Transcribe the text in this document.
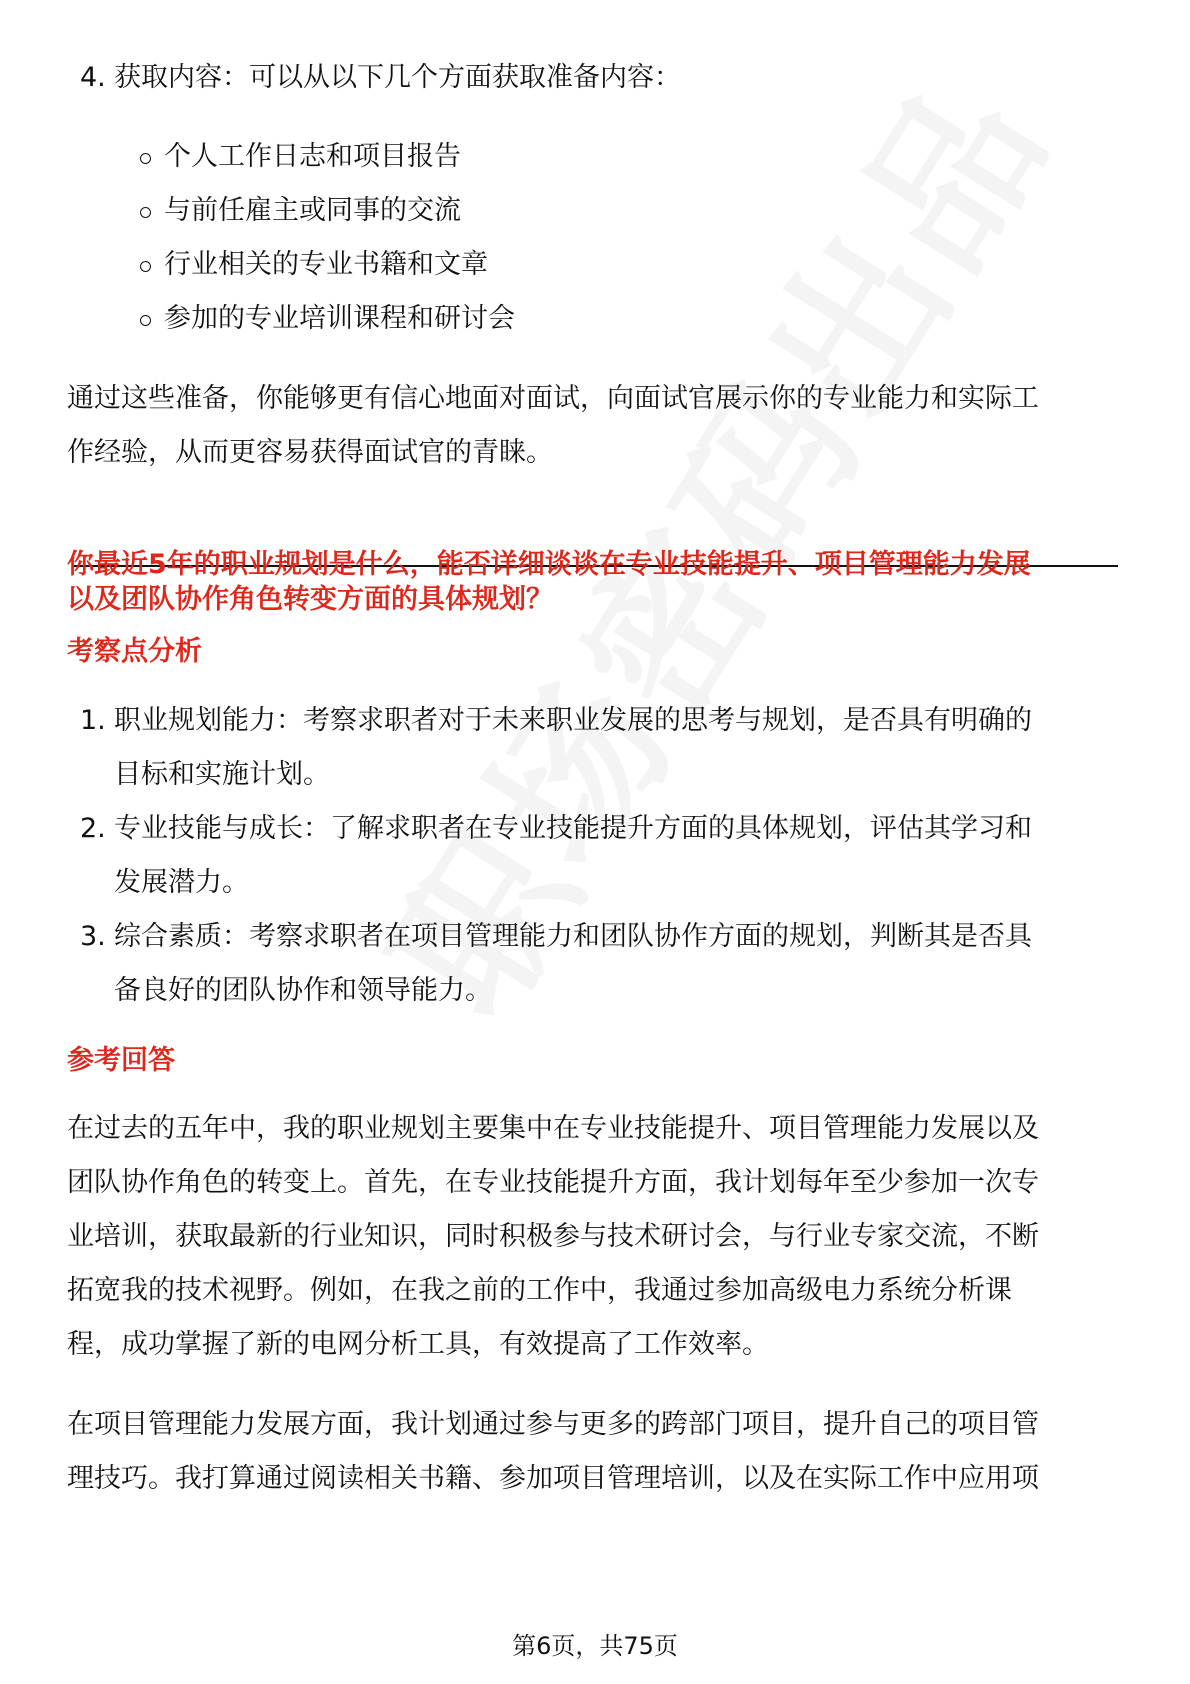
4. 获取内容：可以从以下几个方面获取准备内容：
个人工作日志和项目报告
与前任雇主或同事的交流
行业相关的专业书籍和文章
参加的专业培训课程和研讨会
通过这些准备，你能够更有信心地面对面试，向面试官展示你的专业能力和实际工
作经验，从而更容易获得面试官的青睐。
你最近5年的职业规划是什么，能否详细谈谈在专业技能提升、项目管理能力发展
以及团队协作角色转变方面的具体规划？
考察点分析
1. 职业规划能力：考察求职者对于未来职业发展的思考与规划，是否具有明确的
目标和实施计划。
2. 专业技能与成长：了解求职者在专业技能提升方面的具体规划，评估其学习和
发展潜力。
3. 综合素质：考察求职者在项目管理能力和团队协作方面的规划，判断其是否具
备良好的团队协作和领导能力。
参考回答
在过去的五年中，我的职业规划主要集中在专业技能提升、项目管理能力发展以及
团队协作角色的转变上。首先，在专业技能提升方面，我计划每年至少参加一次专
业培训，获取最新的行业知识，同时积极参与技术研讨会，与行业专家交流，不断
拓宽我的技术视野。例如，在我之前的工作中，我通过参加高级电力系统分析课
程，成功掌握了新的电网分析工具，有效提高了工作效率。
在项目管理能力发展方面，我计划通过参与更多的跨部门项目，提升自己的项目管
理技巧。我打算通过阅读相关书籍、参加项目管理培训，以及在实际工作中应用项
第6页，共75页
